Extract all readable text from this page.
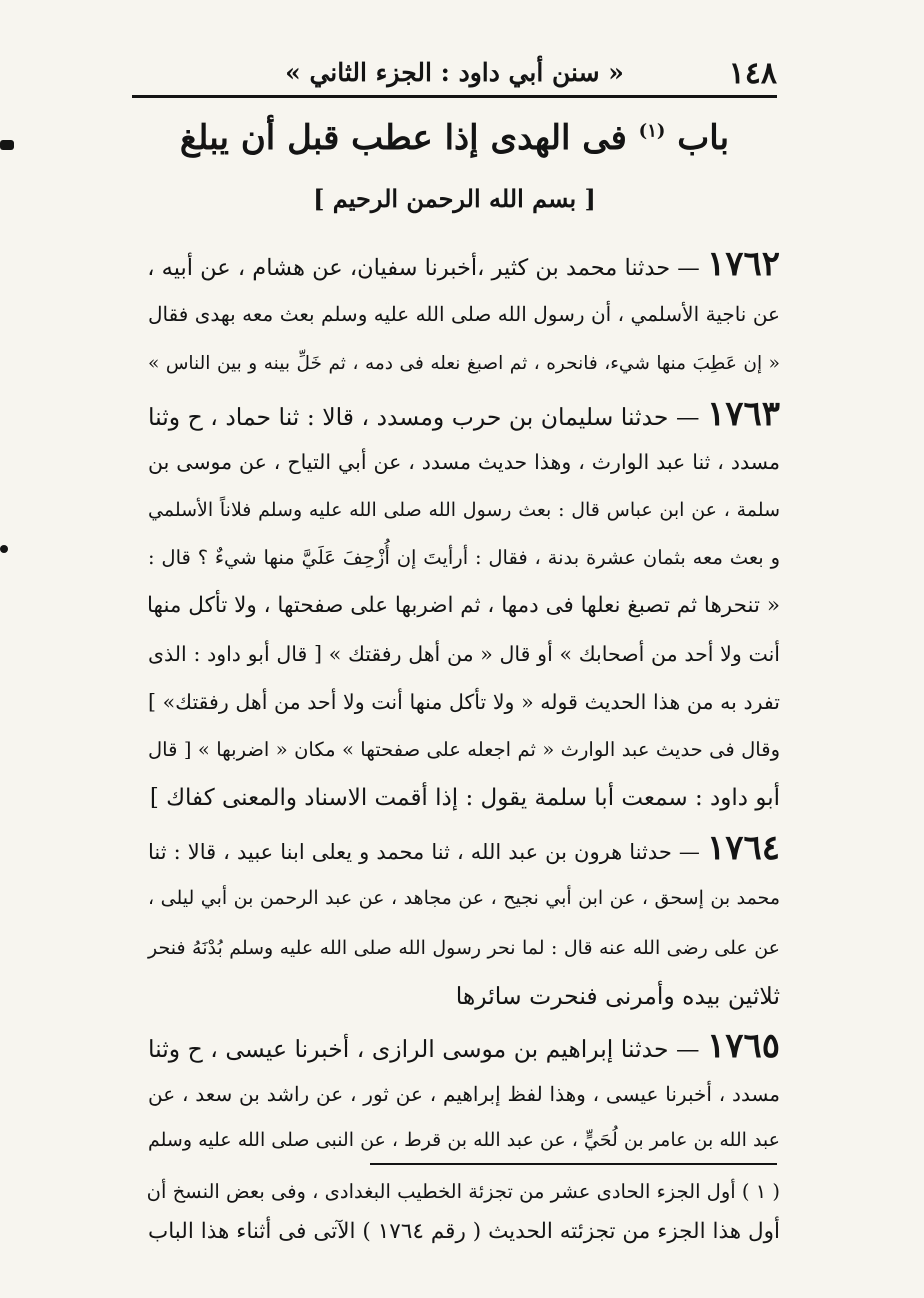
١٤٨
« سنن أبي داود : الجزء الثاني »
باب $^{(١)}$ فى الهدى إذا عطب قبل أن يبلغ
[ بسم الله الرحمن الرحيم ]
١٧٦٢ — حدثنا محمد بن كثير ،أخبرنا سفيان، عن هشام ، عن أبيه ،
عن ناجية الأسلمي ، أن رسول الله صلى الله عليه وسلم بعث معه بهدى فقال
« إن عَطِبَ منها شيء، فانحره ، ثم اصبغ نعله فى دمه ، ثم خَلِّ بينه و بين الناس »
١٧٦٣ — حدثنا سليمان بن حرب ومسدد ، قالا : ثنا حماد ، ح وثنا
مسدد ، ثنا عبد الوارث ، وهذا حديث مسدد ، عن أبي التياح ، عن موسى بن
سلمة ، عن ابن عباس قال : بعث رسول الله صلى الله عليه وسلم فلاناً الأسلمي
و بعث معه بثمان عشرة بدنة ، فقال : أرأيتَ إن أُزْحِفَ عَلَيَّ منها شيءٌ ؟ قال :
« تنحرها ثم تصبغ نعلها فى دمها ، ثم اضربها على صفحتها ، ولا تأكل منها
أنت ولا أحد من أصحابك » أو قال « من أهل رفقتك » [ قال أبو داود : الذى
تفرد به من هذا الحديث قوله « ولا تأكل منها أنت ولا أحد من أهل رفقتك» ]
وقال فى حديث عبد الوارث « ثم اجعله على صفحتها » مكان « اضربها » [ قال
أبو داود : سمعت أبا سلمة يقول : إذا أقمت الاسناد والمعنى كفاك ]
١٧٦٤ — حدثنا هرون بن عبد الله ، ثنا محمد و يعلى ابنا عبيد ، قالا : ثنا
محمد بن إسحق ، عن ابن أبي نجيح ، عن مجاهد ، عن عبد الرحمن بن أبي ليلى ،
عن على رضى الله عنه قال : لما نحر رسول الله صلى الله عليه وسلم بُدْنَهُ فنحر
ثلاثين بيده وأمرنى فنحرت سائرها
١٧٦٥ — حدثنا إبراهيم بن موسى الرازى ، أخبرنا عيسى ، ح وثنا
مسدد ، أخبرنا عيسى ، وهذا لفظ إبراهيم ، عن ثور ، عن راشد بن سعد ، عن
عبد الله بن عامر بن لُحَيٍّ ، عن عبد الله بن قرط ، عن النبى صلى الله عليه وسلم
( ١ ) أول الجزء الحادى عشر من تجزئة الخطيب البغدادى ، وفى بعض النسخ أن
أول هذا الجزء من تجزئته الحديث ( رقم ١٧٦٤ ) الآتى فى أثناء هذا الباب
